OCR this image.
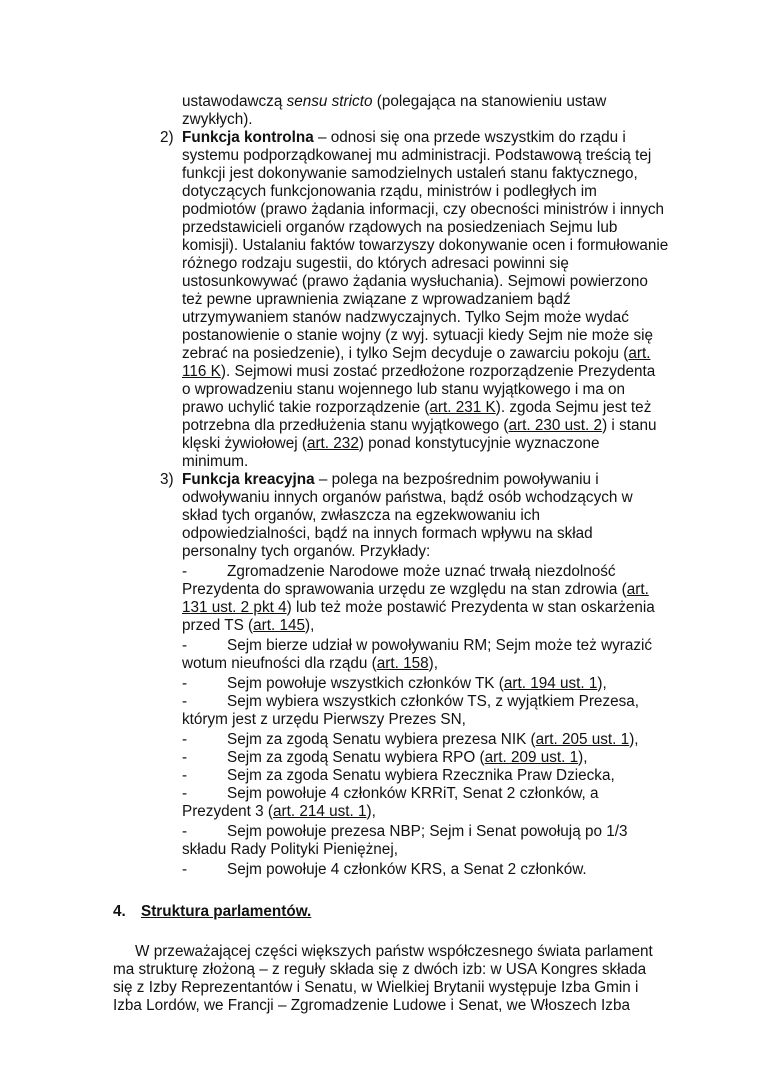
ustawodawczą sensu stricto (polegająca na stanowieniu ustaw
zwykłych).
2) Funkcja kontrolna – odnosi się ona przede wszystkim do rządu i
systemu podporządkowanej mu administracji. Podstawową treścią tej
funkcji jest dokonywanie samodzielnych ustaleń stanu faktycznego,
dotyczących funkcjonowania rządu, ministrów i podległych im
podmiotów (prawo żądania informacji, czy obecności ministrów i innych
przedstawicieli organów rządowych na posiedzeniach Sejmu lub
komisji). Ustalaniu faktów towarzyszy dokonywanie ocen i formułowanie
różnego rodzaju sugestii, do których adresaci powinni się
ustosunkowywać (prawo żądania wysłuchania). Sejmowi powierzono
też pewne uprawnienia związane z wprowadzaniem bądź
utrzymywaniem stanów nadzwyczajnych. Tylko Sejm może wydać
postanowienie o stanie wojny (z wyj. sytuacji kiedy Sejm nie może się
zebrać na posiedzenie), i tylko Sejm decyduje o zawarciu pokoju (art.
116 K). Sejmowi musi zostać przedłożone rozporządzenie Prezydenta
o wprowadzeniu stanu wojennego lub stanu wyjątkowego i ma on
prawo uchylić takie rozporządzenie (art. 231 K). zgoda Sejmu jest też
potrzebna dla przedłużenia stanu wyjątkowego (art. 230 ust. 2) i stanu
klęski żywiołowej (art. 232) ponad konstytucyjnie wyznaczone
minimum.
3) Funkcja kreacyjna – polega na bezpośrednim powoływaniu i
odwoływaniu innych organów państwa, bądź osób wchodzących w
skład tych organów, zwłaszcza na egzekwowaniu ich
odpowiedzialności, bądź na innych formach wpływu na skład
personalny tych organów. Przykłady:
-	Zgromadzenie Narodowe może uznać trwałą niezdolność
Prezydenta do sprawowania urzędu ze względu na stan zdrowia (art.
131 ust. 2 pkt 4) lub też może postawić Prezydenta w stan oskarżenia
przed TS (art. 145),
-	Sejm bierze udział w powoływaniu RM; Sejm może też wyrazić
wotum nieufności dla rządu (art. 158),
-	Sejm powołuje wszystkich członków TK (art. 194 ust. 1),
-	Sejm wybiera wszystkich członków TS, z wyjątkiem Prezesa,
którym jest z urzędu Pierwszy Prezes SN,
-	Sejm za zgodą Senatu wybiera prezesa NIK (art. 205 ust. 1),
-	Sejm za zgodą Senatu wybiera RPO (art. 209 ust. 1),
-	Sejm za zgoda Senatu wybiera Rzecznika Praw Dziecka,
-	Sejm powołuje 4 członków KRRiT, Senat 2 członków, a
Prezydent 3 (art. 214 ust. 1),
-	Sejm powołuje prezesa NBP; Sejm i Senat powołują po 1/3
składu Rady Polityki Pieniężnej,
-	Sejm powołuje 4 członków KRS, a Senat 2 członków.
4. Struktura parlamentów.
W przeważającej części większych państw współczesnego świata parlament
ma strukturę złożoną – z reguły składa się z dwóch izb: w USA Kongres składa
się z Izby Reprezentantów i Senatu, w Wielkiej Brytanii występuje Izba Gmin i
Izba Lordów, we Francji – Zgromadzenie Ludowe i Senat, we Włoszech Izba
